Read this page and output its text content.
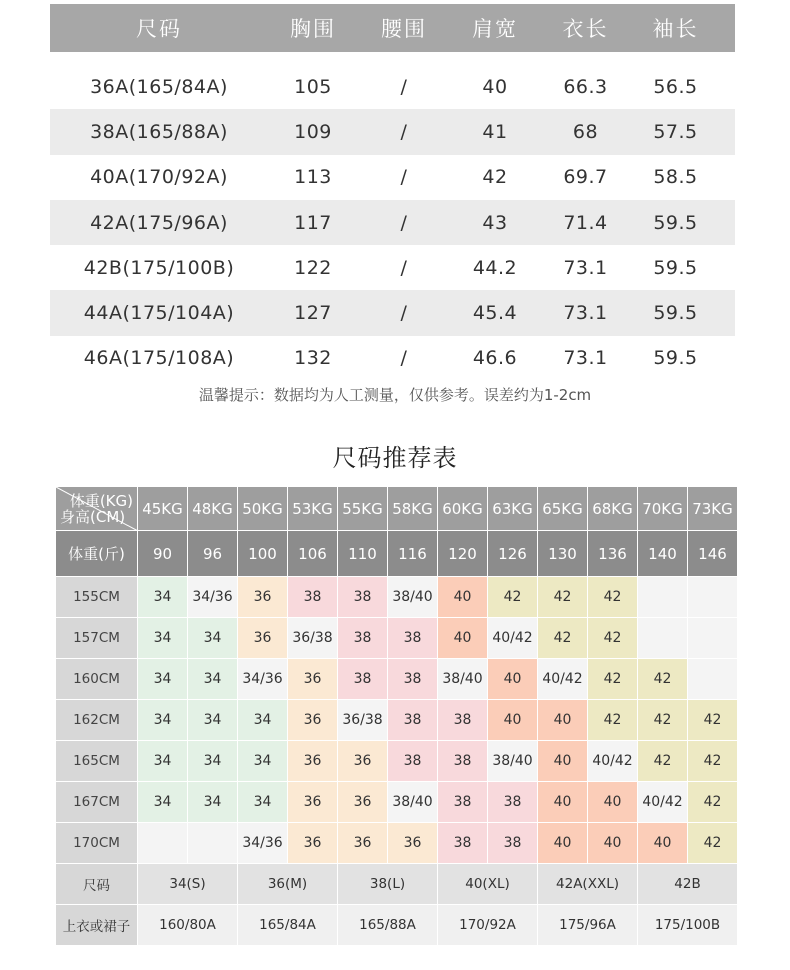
尺码	胸围	腰围	肩宽	衣长	袖长
36A(165/84A)	105	/	40	66.3	56.5
38A(165/88A)	109	/	41	68	57.5
40A(170/92A)	113	/	42	69.7	58.5
42A(175/96A)	117	/	43	71.4	59.5
42B(175/100B)	122	/	44.2	73.1	59.5
44A(175/104A)	127	/	45.4	73.1	59.5
46A(175/108A)	132	/	46.6	73.1	59.5
温馨提示：数据均为人工测量，仅供参考。误差约为1-2cm
尺码推荐表
体重(KG)
身高(CM)	45KG	48KG	50KG	53KG	55KG	58KG	60KG	63KG	65KG	68KG	70KG	73KG
体重(斤)	90	96	100	106	110	116	120	126	130	136	140	146
155CM	34	34/36	36	38	38	38/40	40	42	42	42		
157CM	34	34	36	36/38	38	38	40	40/42	42	42		
160CM	34	34	34/36	36	38	38	38/40	40	40/42	42	42	
162CM	34	34	34	36	36/38	38	38	40	40	42	42	42
165CM	34	34	34	36	36	38	38	38/40	40	40/42	42	42
167CM	34	34	34	36	36	38/40	38	38	40	40	40/42	42
170CM			34/36	36	36	36	38	38	40	40	40	42
尺码	34(S)		36(M)		38(L)		40(XL)		42A(XXL)		42B	
上衣或裙子	160/80A		165/84A		165/88A		170/92A		175/96A		175/100B	
